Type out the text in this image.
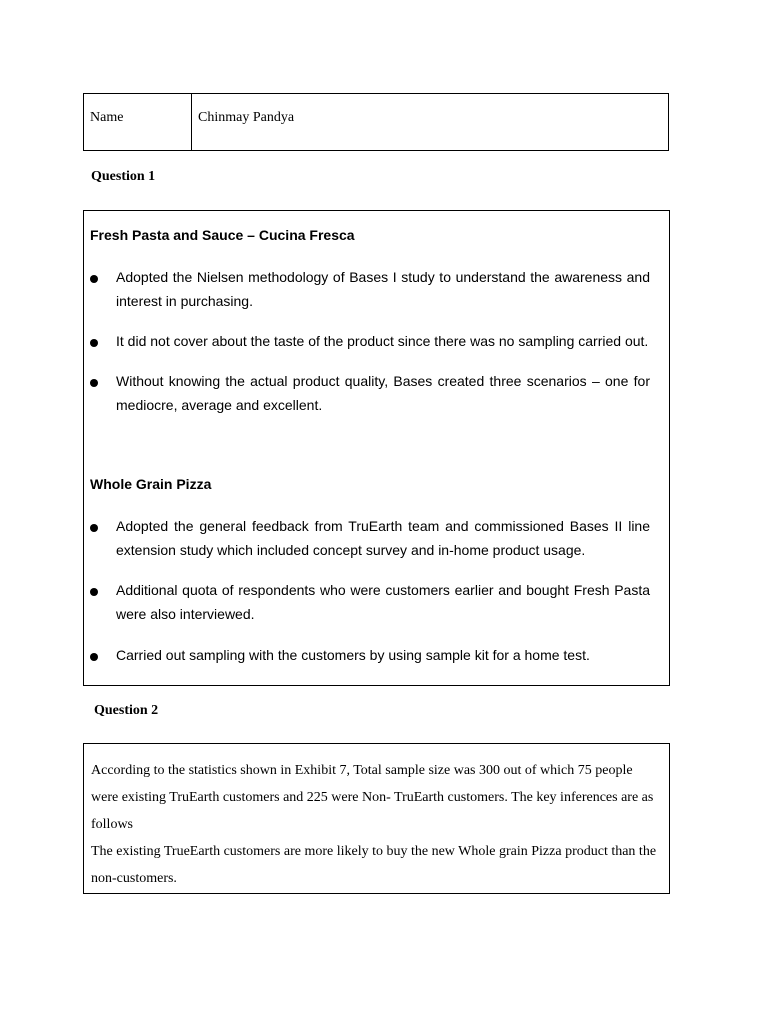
Name	Chinmay Pandya
Question 1
Fresh Pasta and Sauce – Cucina Fresca
Adopted the Nielsen methodology of Bases I study to understand the awareness and interest in purchasing.
It did not cover about the taste of the product since there was no sampling carried out.
Without knowing the actual product quality, Bases created three scenarios – one for mediocre, average and excellent.
Whole Grain Pizza
Adopted the general feedback from TruEarth team and commissioned Bases II line extension study which included concept survey and in-home product usage.
Additional quota of respondents who were customers earlier and bought Fresh Pasta were also interviewed.
Carried out sampling with the customers by using sample kit for a home test.
Question 2

According to the statistics shown in Exhibit 7, Total sample size was 300 out of which 75 people were existing TruEarth customers and 225 were Non- TruEarth customers. The key inferences are as follows

The existing TrueEarth customers are more likely to buy the new Whole grain Pizza product than the non-customers.
